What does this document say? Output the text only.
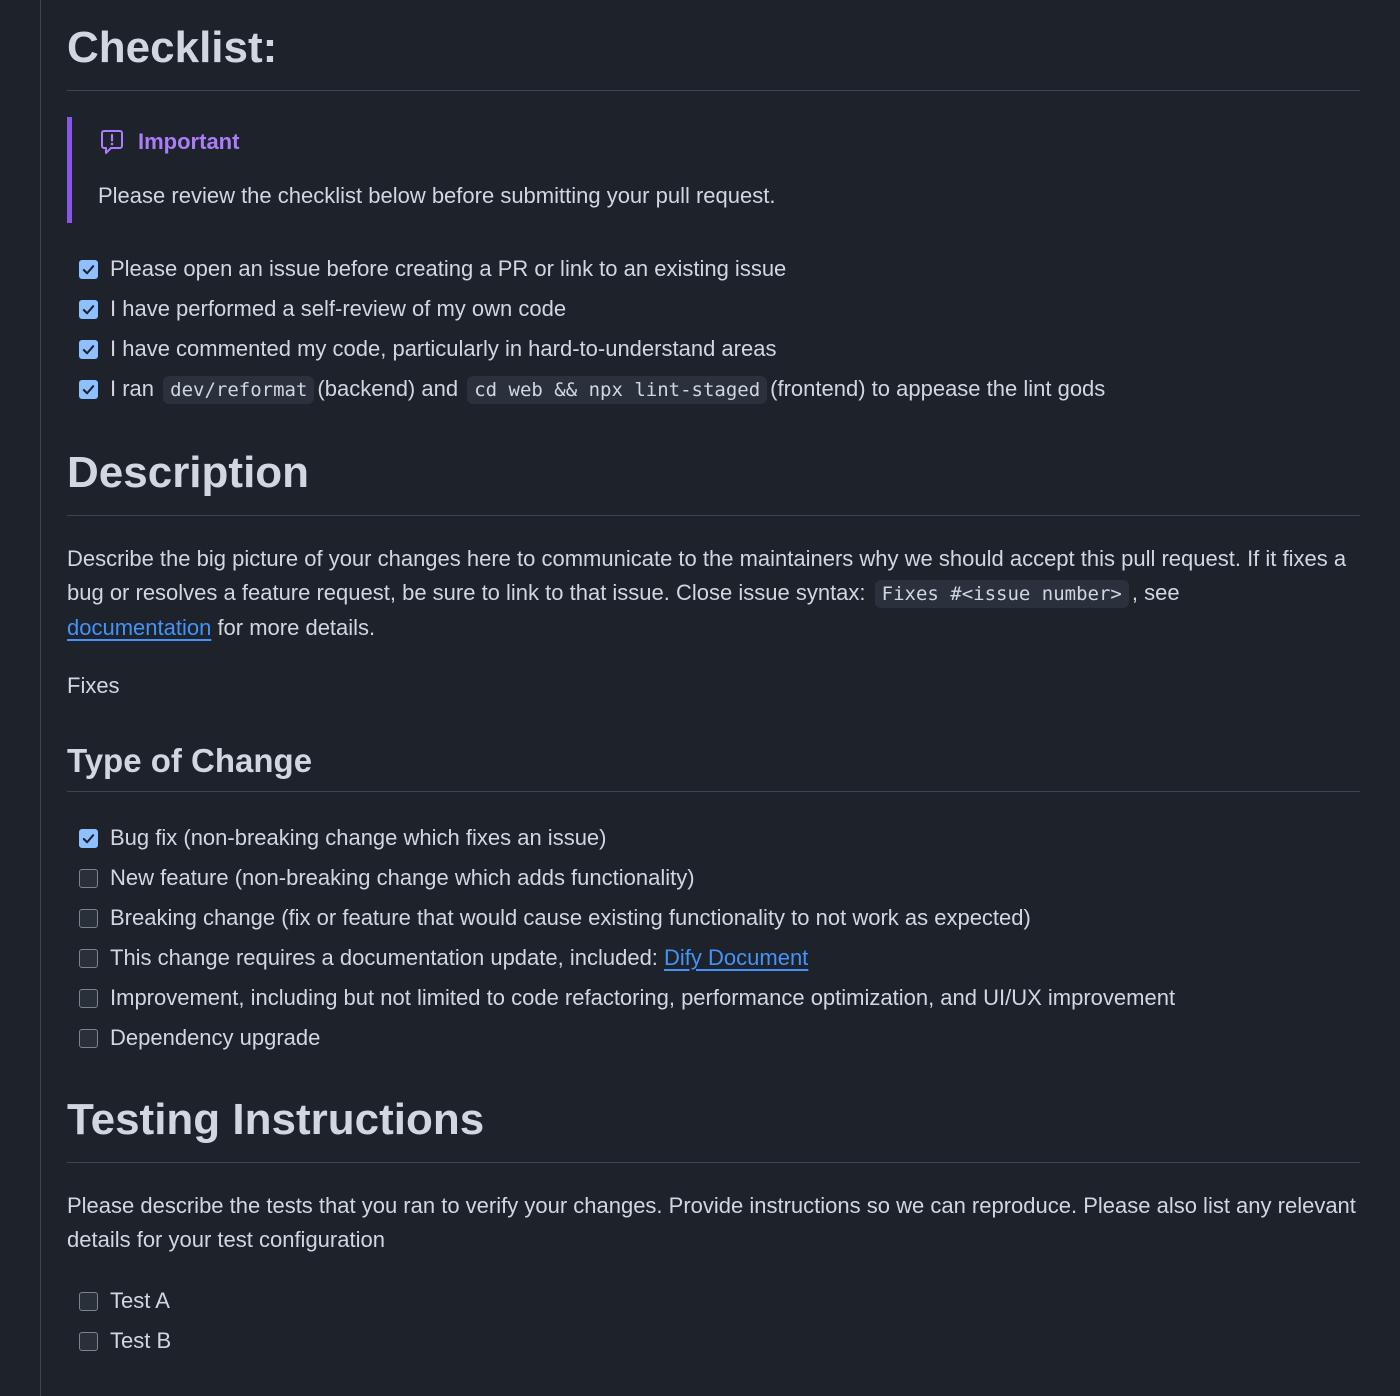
Checklist:
Important

Please review the checklist below before submitting your pull request.

Please open an issue before creating a PR or link to an existing issue
I have performed a self-review of my own code
I have commented my code, particularly in hard-to-understand areas
I ran dev/reformat (backend) and cd web && npx lint-staged (frontend) to appease the lint gods
Description

Describe the big picture of your changes here to communicate to the maintainers why we should accept this pull request. If it fixes a bug or resolves a feature request, be sure to link to that issue. Close issue syntax: Fixes #<issue number> , see
documentation for more details.

Fixes

Type of Change
Bug fix (non-breaking change which fixes an issue)
New feature (non-breaking change which adds functionality)
Breaking change (fix or feature that would cause existing functionality to not work as expected)
This change requires a documentation update, included: Dify Document
Improvement, including but not limited to code refactoring, performance optimization, and UI/UX improvement
Dependency upgrade
Testing Instructions

Please describe the tests that you ran to verify your changes. Provide instructions so we can reproduce. Please also list any relevant details for your test configuration

Test A
Test B
